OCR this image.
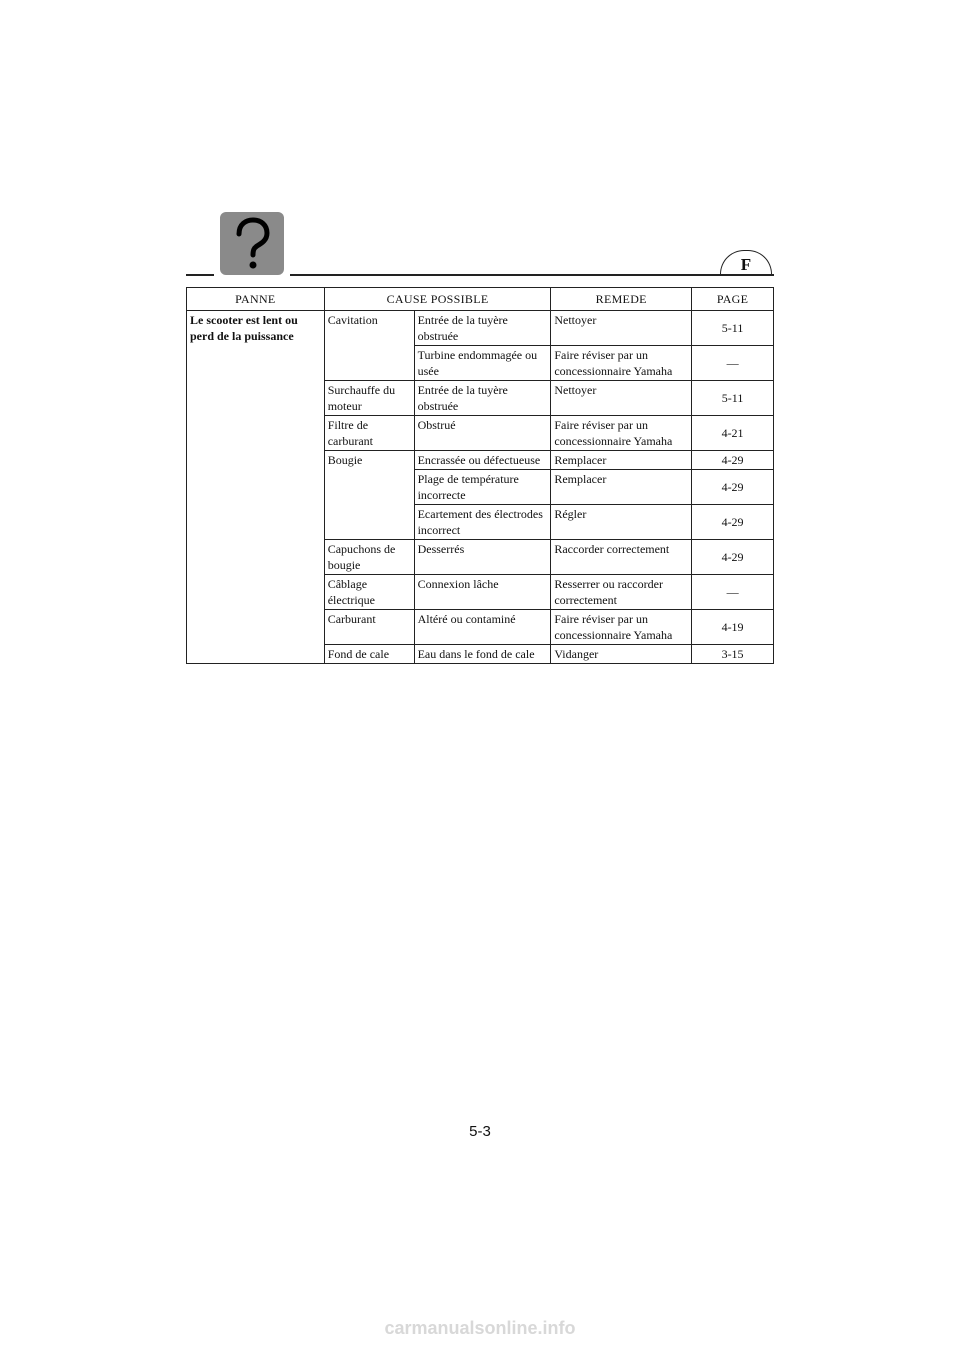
F
PANNE	CAUSE POSSIBLE		REMEDE	PAGE
Le scooter est lent ou perd de la puissance	Cavitation	Entrée de la tuyère obstruée	Nettoyer	5-11
		Turbine endommagée ou usée	Faire réviser par un concessionnaire Yamaha	—
	Surchauffe du moteur	Entrée de la tuyère obstruée	Nettoyer	5-11
	Filtre de carburant	Obstrué	Faire réviser par un concessionnaire Yamaha	4-21
	Bougie	Encrassée ou défectueuse	Remplacer	4-29
		Plage de température incorrecte	Remplacer	4-29
		Ecartement des électrodes incorrect	Régler	4-29
	Capuchons de bougie	Desserrés	Raccorder correctement	4-29
	Câblage électrique	Connexion lâche	Resserrer ou raccorder correctement	—
	Carburant	Altéré ou contaminé	Faire réviser par un concessionnaire Yamaha	4-19
	Fond de cale	Eau dans le fond de cale	Vidanger	3-15
5-3
carmanualsonline.info
